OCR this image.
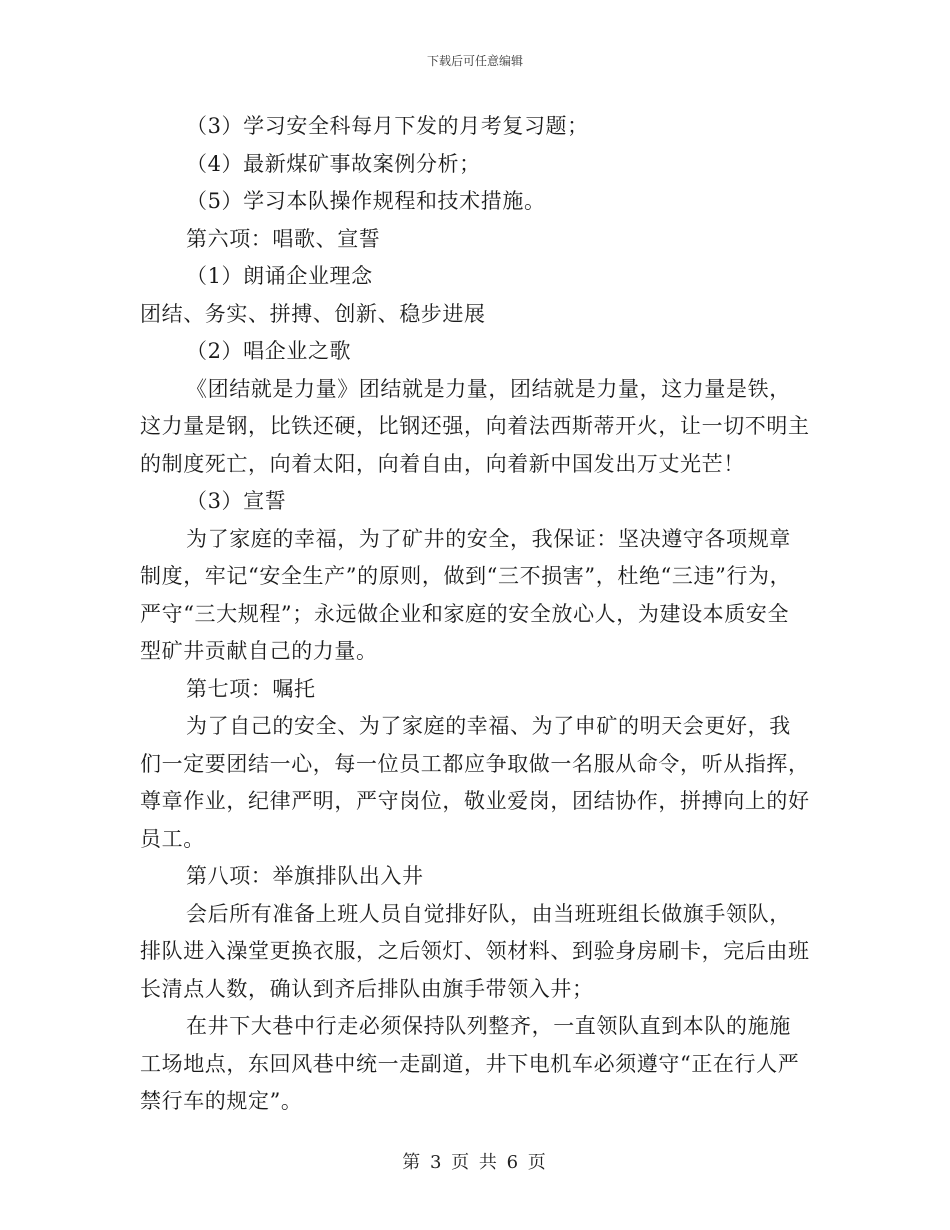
下载后可任意编辑

（3）学习安全科每月下发的月考复习题；

（4）最新煤矿事故案例分析；

（5）学习本队操作规程和技术措施。

第六项：唱歌、宣誓

（1）朗诵企业理念

团结、务实、拼搏、创新、稳步进展

（2）唱企业之歌

《团结就是力量》团结就是力量，团结就是力量，这力量是铁，这力量是钢，比铁还硬，比钢还强，向着法西斯蒂开火，让一切不明主的制度死亡，向着太阳，向着自由，向着新中国发出万丈光芒！

（3）宣誓

为了家庭的幸福，为了矿井的安全，我保证：坚决遵守各项规章制度，牢记“安全生产”的原则，做到“三不损害”，杜绝“三违”行为，严守“三大规程”；永远做企业和家庭的安全放心人，为建设本质安全型矿井贡献自己的力量。

第七项：嘱托

为了自己的安全、为了家庭的幸福、为了申矿的明天会更好，我们一定要团结一心，每一位员工都应争取做一名服从命令，听从指挥，尊章作业，纪律严明，严守岗位，敬业爱岗，团结协作，拼搏向上的好员工。

第八项：举旗排队出入井

会后所有准备上班人员自觉排好队，由当班班组长做旗手领队，排队进入澡堂更换衣服，之后领灯、领材料、到验身房刷卡，完后由班长清点人数，确认到齐后排队由旗手带领入井；

在井下大巷中行走必须保持队列整齐，一直领队直到本队的施施工场地点，东回风巷中统一走副道，井下电机车必须遵守“正在行人严禁行车的规定”。

第 3 页 共 6 页
